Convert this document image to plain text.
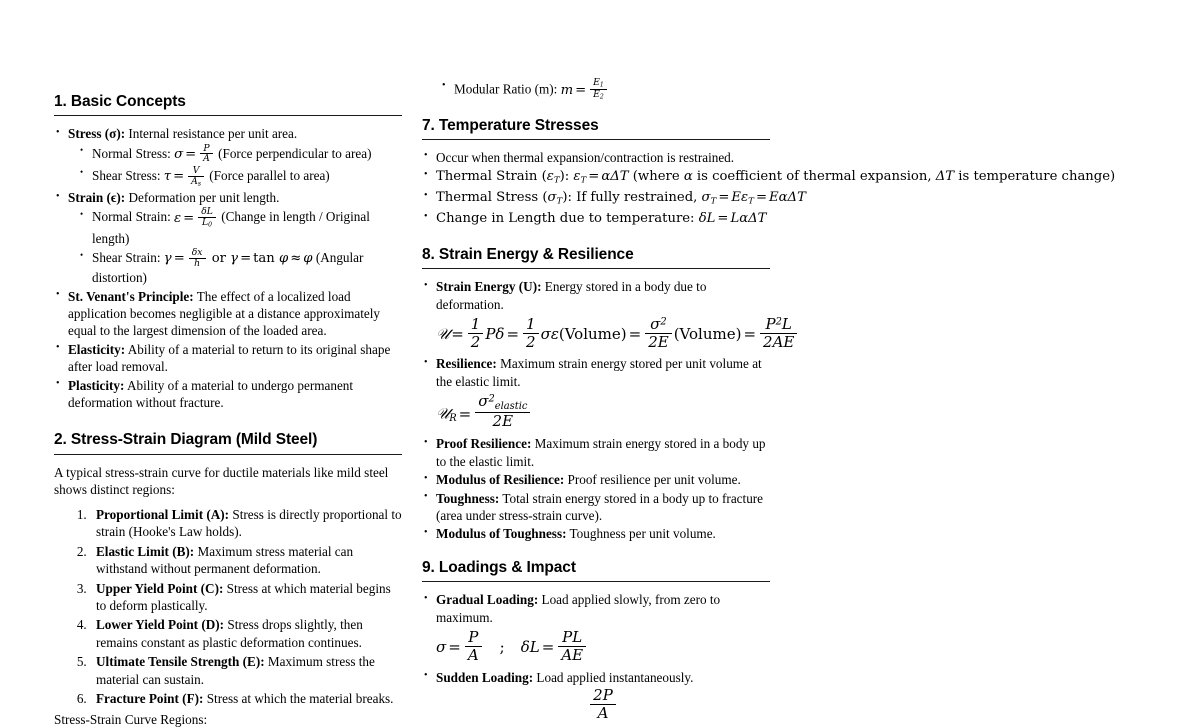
1. Basic Concepts
• Stress (σ): Internal resistance per unit area.
• Normal Stress: $\sigma = \frac{P}{A}$ (Force perpendicular to area)
• Shear Stress: $\tau = \frac{V}{A_s}$ (Force parallel to area)
• Strain (ϵ): Deformation per unit length.
• Normal Strain: $\varepsilon = \frac{\delta L}{L_0}$ (Change in length / Original length)
• Shear Strain: $\gamma = \frac{\delta x}{h}$ or γ = tan φ ≈ φ (Angular distortion)
• St. Venant's Principle: The effect of a localized load application becomes negligible at a distance approximately equal to the largest dimension of the loaded area.
• Elasticity: Ability of a material to return to its original shape after load removal.
• Plasticity: Ability of a material to undergo permanent deformation without fracture.
2. Stress-Strain Diagram (Mild Steel)

A typical stress-strain curve for ductile materials like mild steel shows distinct regions:

1. Proportional Limit (A): Stress is directly proportional to strain (Hooke's Law holds).
2. Elastic Limit (B): Maximum stress material can withstand without permanent deformation.
3. Upper Yield Point (C): Stress at which material begins to deform plastically.
4. Lower Yield Point (D): Stress drops slightly, then remains constant as plastic deformation continues.
5. Ultimate Tensile Strength (E): Maximum stress the material can sustain.
6. Fracture Point (F): Stress at which the material breaks.

Stress-Strain Curve Regions:

• Modular Ratio (m): $m = \frac{E_1}{E_2}$
7. Temperature Stresses
• Occur when thermal expansion/contraction is restrained.
• Thermal Strain $(\varepsilon_T)$: $\varepsilon_T = \alpha\Delta T$ (where α is coefficient of thermal expansion, ΔT is temperature change)
• Thermal Stress $(\sigma_T)$: If fully restrained, $\sigma_T = E\varepsilon_T = E\alpha\Delta T$
• Change in Length due to temperature: δL = LαΔT
8. Strain Energy & Resilience
• Strain Energy (U): Energy stored in a body due to deformation.
𝒰 = $\frac{1}{2}$ $P\delta = \frac{1}{2}$ σε(Volume) = $\frac{\sigma^2}{2E}$ (Volume) = $\frac{P^2L}{2AE}$
• Resilience: Maximum strain energy stored per unit volume at the elastic limit.
𝒰$_R$ = $\frac{\sigma^2_{elastic}}{2E}$
• Proof Resilience: Maximum strain energy stored in a body up to the elastic limit.
• Modulus of Resilience: Proof resilience per unit volume.
• Toughness: Total strain energy stored in a body up to fracture (area under stress-strain curve).
• Modulus of Toughness: Toughness per unit volume.
9. Loadings & Impact
• Gradual Loading: Load applied slowly, from zero to maximum.
$\sigma = \frac{P}{A}$ ; $\delta L = \frac{PL}{AE}$
• Sudden Loading: Load applied instantaneously.
$\frac{2P}{A}$
